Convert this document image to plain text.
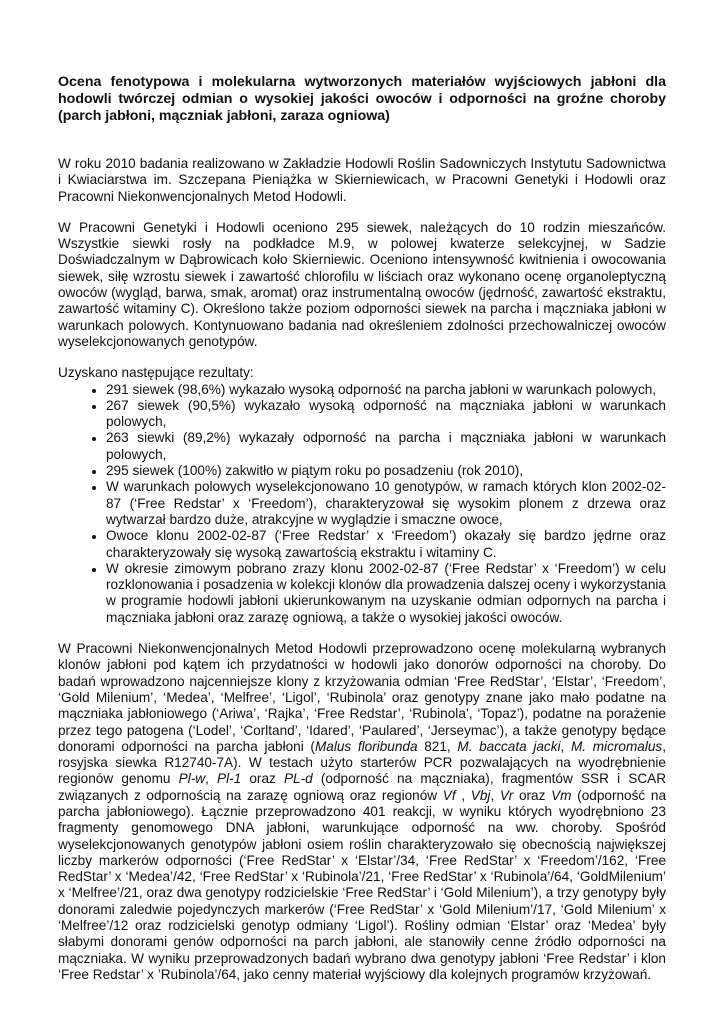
Ocena fenotypowa i molekularna wytworzonych materiałów wyjściowych jabłoni dla hodowli twórczej odmian o wysokiej jakości owoców i odporności na groźne choroby (parch jabłoni, mączniak jabłoni, zaraza ogniowa)

W roku 2010 badania realizowano w Zakładzie Hodowli Roślin Sadowniczych Instytutu Sadownictwa i Kwiaciarstwa im. Szczepana Pieniążka w Skierniewicach, w Pracowni Genetyki i Hodowli oraz Pracowni Niekonwencjonalnych Metod Hodowli.

W Pracowni Genetyki i Hodowli oceniono 295 siewek, należących do 10 rodzin mieszańców. Wszystkie siewki rosły na podkładce M.9, w polowej kwaterze selekcyjnej, w Sadzie Doświadczalnym w Dąbrowicach koło Skierniewic. Oceniono intensywność kwitnienia i owocowania siewek, siłę wzrostu siewek i zawartość chlorofilu w liściach oraz wykonano ocenę organoleptyczną owoców (wygląd, barwa, smak, aromat) oraz instrumentalną owoców (jędrność, zawartość ekstraktu, zawartość witaminy C). Określono także poziom odporności siewek na parcha i mączniaka jabłoni w warunkach polowych. Kontynuowano badania nad określeniem zdolności przechowalniczej owoców wyselekcjonowanych genotypów.

Uzyskano następujące rezultaty:
• 291 siewek (98,6%) wykazało wysoką odporność na parcha jabłoni w warunkach polowych,
• 267 siewek (90,5%) wykazało wysoką odporność na mączniaka jabłoni w warunkach polowych,
• 263 siewki (89,2%) wykazały odporność na parcha i mączniaka jabłoni w warunkach polowych,
• 295 siewek (100%) zakwitło w piątym roku po posadzeniu (rok 2010),
• W warunkach polowych wyselekcjonowano 10 genotypów, w ramach których klon 2002-02-87 (‘Free Redstar’ x ‘Freedom’), charakteryzował się wysokim plonem z drzewa oraz wytwarzał bardzo duże, atrakcyjne w wyglądzie i smaczne owoce,
• Owoce klonu 2002-02-87 (‘Free Redstar’ x ‘Freedom’) okazały się bardzo jędrne oraz charakteryzowały się wysoką zawartością ekstraktu i witaminy C.
• W okresie zimowym pobrano zrazy klonu 2002-02-87 (‘Free Redstar’ x ‘Freedom’) w celu rozklonowania i posadzenia w kolekcji klonów dla prowadzenia dalszej oceny i wykorzystania w programie hodowli jabłoni ukierunkowanym na uzyskanie odmian odpornych na parcha i mączniaka jabłoni oraz zarazę ogniową, a także o wysokiej jakości owoców.

W Pracowni Niekonwencjonalnych Metod Hodowli przeprowadzono ocenę molekularną wybranych klonów jabłoni pod kątem ich przydatności w hodowli jako donorów odporności na choroby. Do badań wprowadzono najcenniejsze klony z krzyżowania odmian ‘Free RedStar’, ‘Elstar’, ‘Freedom’, ‘Gold Milenium’, ‘Medea’, ‘Melfree’, ‘Ligol’, ‘Rubinola’ oraz genotypy znane jako mało podatne na mączniaka jabłoniowego (‘Ariwa’, ‘Rajka’, ‘Free Redstar’, ‘Rubinola’, ‘Topaz’), podatne na porażenie przez tego patogena (‘Lodel’, ‘Corltand’, ‘Idared’, ‘Paulared’, ‘Jerseymac’), a także genotypy będące donorami odporności na parcha jabłoni (Malus floribunda 821, M. baccata jacki, M. micromalus, rosyjska siewka R12740-7A). W testach użyto starterów PCR pozwalających na wyodrębnienie regionów genomu Pl-w, Pl-1 oraz PL-d (odporność na mączniaka), fragmentów SSR i SCAR związanych z odpornością na zarazę ogniową oraz regionów Vf , Vbj, Vr oraz Vm (odporność na parcha jabłoniowego). Łącznie przeprowadzono 401 reakcji, w wyniku których wyodrębniono 23 fragmenty genomowego DNA jabłoni, warunkujące odporność na ww. choroby. Spośród wyselekcjonowanych genotypów jabłoni osiem roślin charakteryzowało się obecnością największej liczby markerów odporności (‘Free RedStar’ x ‘Elstar’/34, ‘Free RedStar’ x ‘Freedom’/162, ‘Free RedStar’ x ‘Medea’/42, ‘Free RedStar’ x ‘Rubinola’/21, ‘Free RedStar’ x ‘Rubinola’/64, ‘GoldMilenium’ x ‘Melfree’/21, oraz dwa genotypy rodzicielskie ‘Free RedStar’ i ‘Gold Milenium’), a trzy genotypy były donorami zaledwie pojedynczych markerów (‘Free RedStar’ x ‘Gold Milenium’/17, ‘Gold Milenium’ x ‘Melfree’/12 oraz rodzicielski genotyp odmiany ‘Ligol’). Rośliny odmian ‘Elstar’ oraz ‘Medea’ były słabymi donorami genów odporności na parch jabłoni, ale stanowiły cenne źródło odporności na mączniaka. W wyniku przeprowadzonych badań wybrano dwa genotypy jabłoni ‘Free Redstar’ i klon ‘Free Redstar’ x ’Rubinola’/64, jako cenny materiał wyjściowy dla kolejnych programów krzyżowań.
